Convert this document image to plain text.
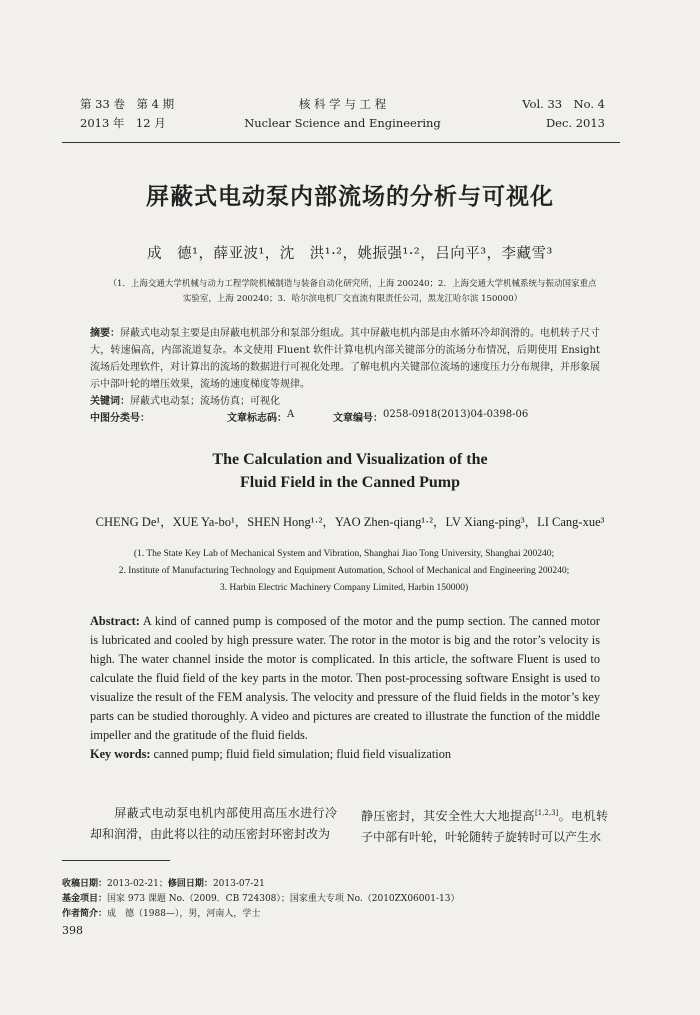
第 33 卷　第 4 期
2013 年　12 月
核 科 学 与 工 程
Nuclear Science and Engineering
Vol. 33　No. 4
Dec. 2013
屏蔽式电动泵内部流场的分析与可视化
成　德¹，薛亚波¹，沈　洪¹·²，姚振强¹·²，吕向平³，李藏雪³
（1．上海交通大学机械与动力工程学院机械制造与装备自动化研究所，上海 200240；2．上海交通大学机械系统与振动国家重点实验室，上海 200240；3．哈尔滨电机厂交直流有限责任公司，黑龙江哈尔滨 150000）
摘要：屏蔽式电动泵主要是由屏蔽电机部分和泵部分组成。其中屏蔽电机内部是由水循环冷却润滑的。电机转子尺寸大，转速偏高，内部流道复杂。本文使用 Fluent 软件计算电机内部关键部分的流场分布情况，后期使用 Ensight 流场后处理软件，对计算出的流场的数据进行可视化处理。了解电机内关键部位流场的速度压力分布规律，并形象展示中部叶轮的增压效果，流场的速度梯度等规律。
关键词：屏蔽式电动泵；流场仿真；可视化
中图分类号：	文章标志码： A	文章编号： 0258-0918(2013)04-0398-06
The Calculation and Visualization of the
Fluid Field in the Canned Pump
CHENG De¹，XUE Ya-bo¹，SHEN Hong¹·²，YAO Zhen-qiang¹·²，LV Xiang-ping³，LI Cang-xue³
(1. The State Key Lab of Mechanical System and Vibration, Shanghai Jiao Tong University, Shanghai 200240;
2. Institute of Manufacturing Technology and Equipment Automation, School of Mechanical and Engineering 200240;
3. Harbin Electric Machinery Company Limited, Harbin 150000)
Abstract: A kind of canned pump is composed of the motor and the pump section. The canned motor is lubricated and cooled by high pressure water. The rotor in the motor is big and the rotor’s velocity is high. The water channel inside the motor is complicated. In this article, the software Fluent is used to calculate the fluid field of the key parts in the motor. Then post-processing software Ensight is used to visualize the result of the FEM analysis. The velocity and pressure of the fluid fields in the motor’s key parts can be studied thoroughly. A video and pictures are created to illustrate the function of the middle impeller and the gratitude of the fluid fields.
Key words: canned pump; fluid field simulation; fluid field visualization
屏蔽式电动泵电机内部使用高压水进行冷却和润滑，由此将以往的动压密封环密封改为
静压密封，其安全性大大地提高[1,2,3]。电机转子中部有叶轮，叶轮随转子旋转时可以产生水
收稿日期：2013-02-21；修回日期：2013-07-21
基金项目：国家 973 课题 No.（2009．CB 724308）；国家重大专项 No.（2010ZX06001-13）
作者简介：成　德（1988—），男，河南人，学士
398
